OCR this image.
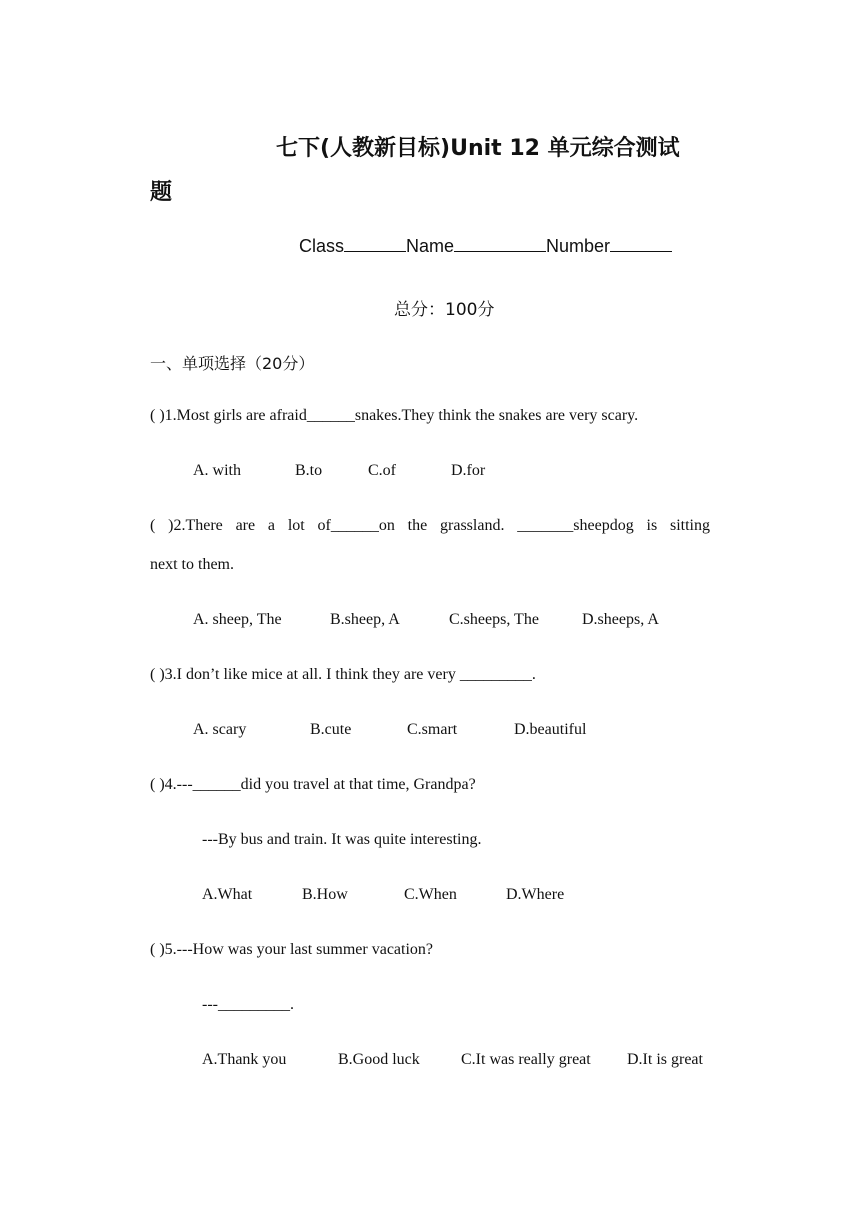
七下(人教新目标)Unit 12 单元综合测试
题
Class	Name	Number
总分：100分
一、单项选择（20分）
( )1.Most girls are afraid______snakes.They think the snakes are very scary.
A. with	B.to	C.of	D.for
( )2.There are a lot of______on the grassland. _______sheepdog is sitting
next to them.
A. sheep, The	B.sheep, A	C.sheeps, The	D.sheeps, A
( )3.I don’t like mice at all. I think they are very _________.
A. scary	B.cute	C.smart	D.beautiful
( )4.---______did you travel at that time, Grandpa?
---By bus and train. It was quite interesting.
A.What	B.How	C.When	D.Where
( )5.---How was your last summer vacation?
---_________.
A.Thank you	B.Good luck	C.It was really great D.It is great
